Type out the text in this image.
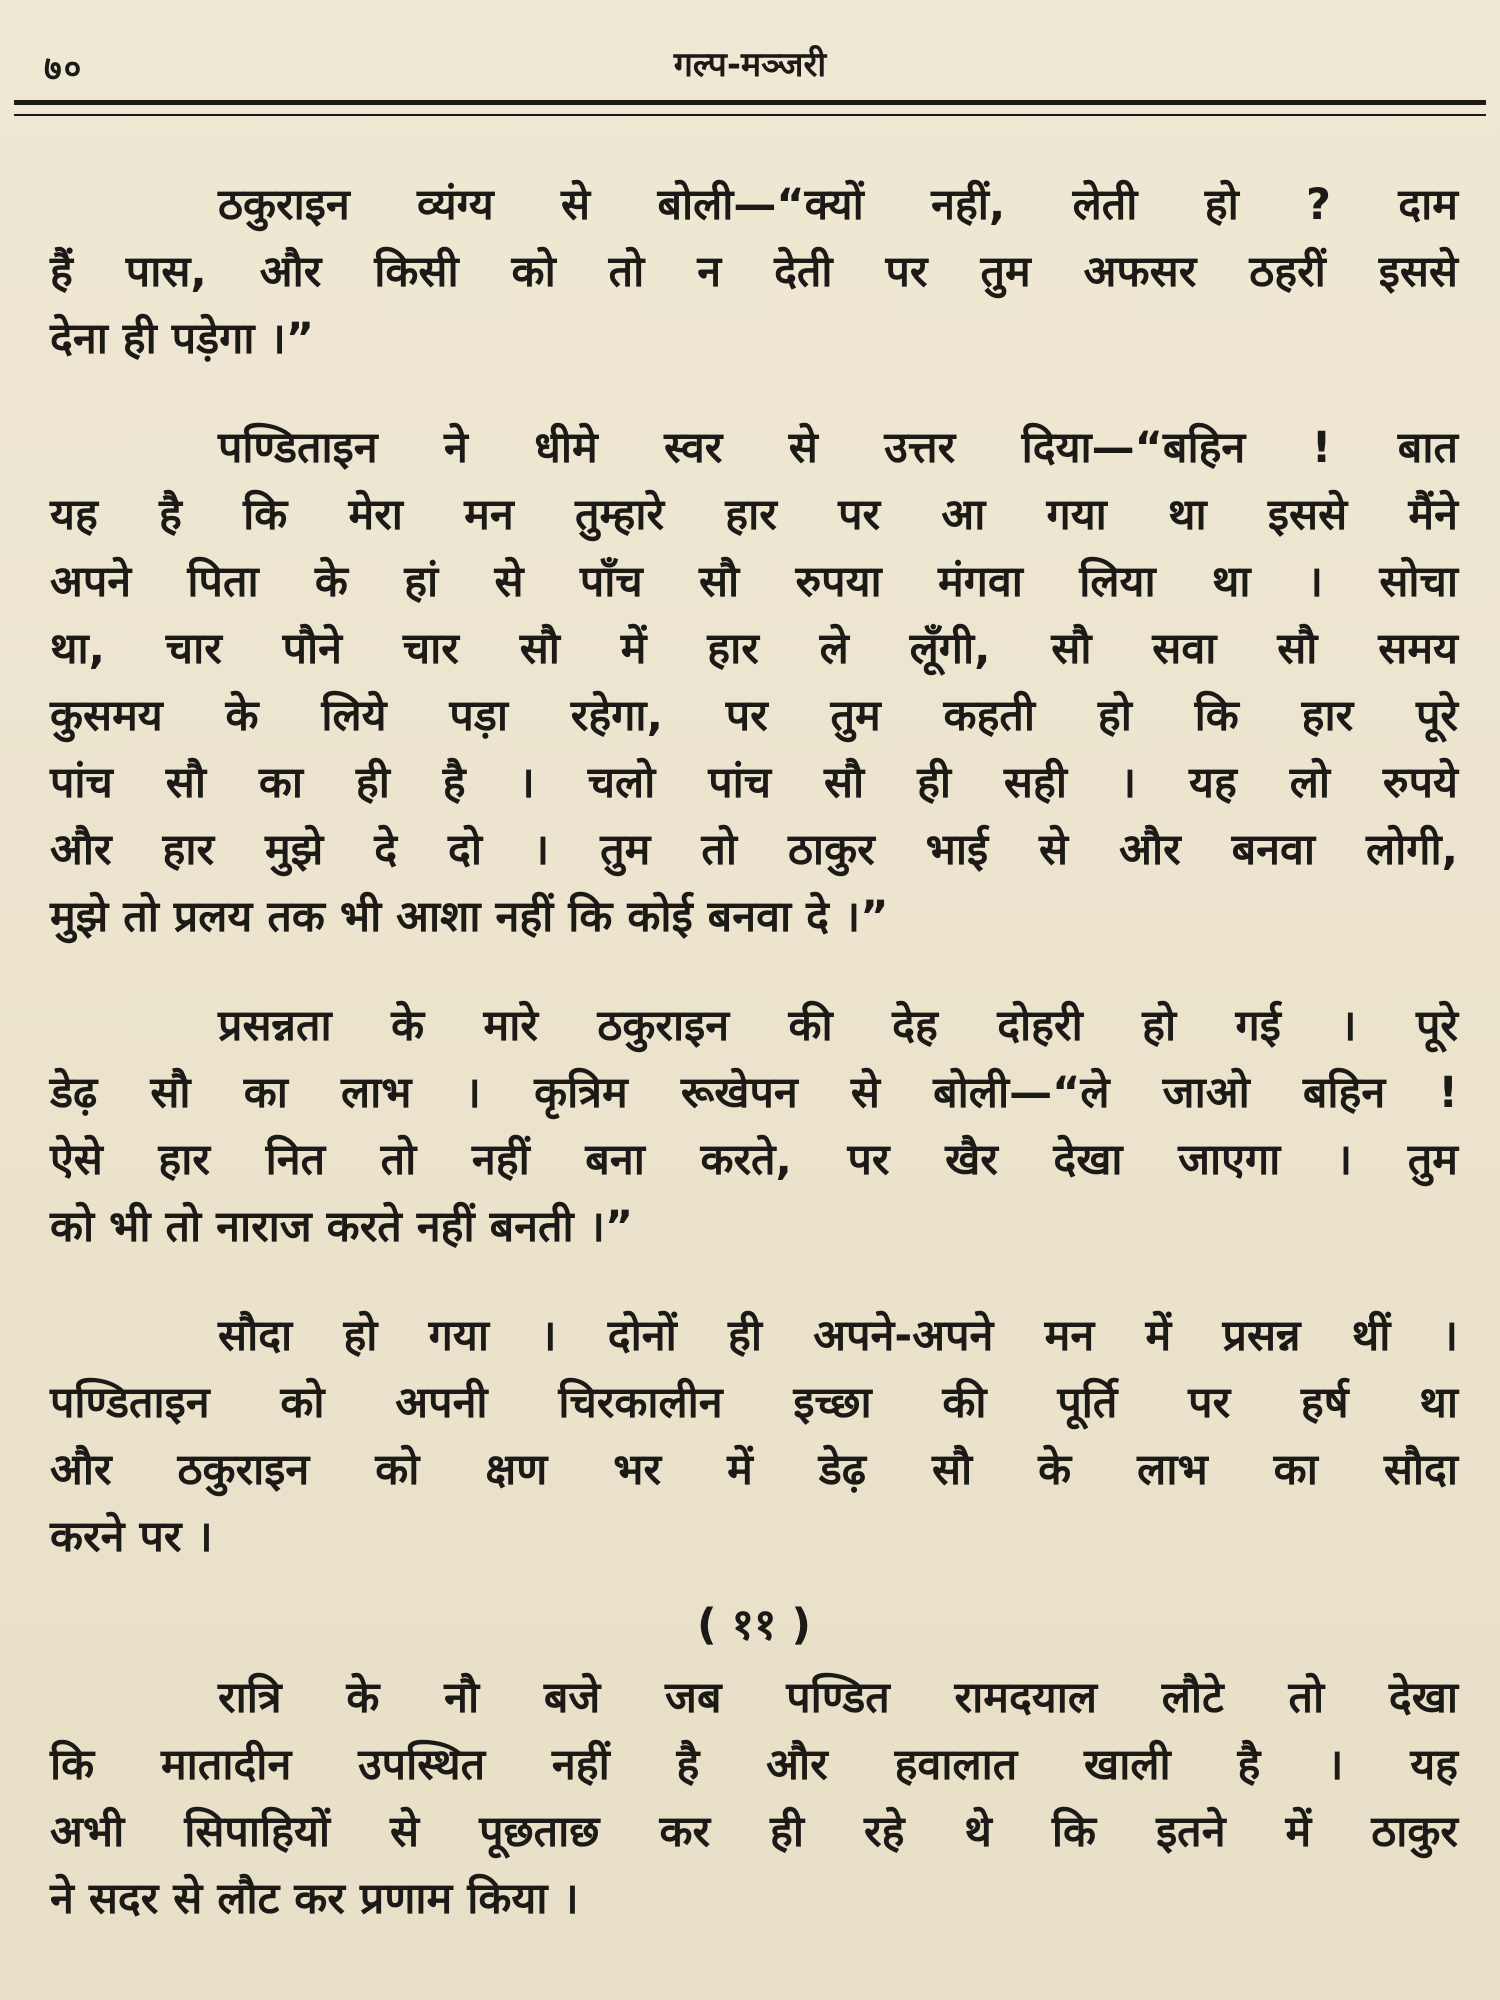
७०	गल्प-मञ्जरी
ठकुराइन व्यंग्य से बोली—“क्यों नहीं, लेती हो ? दाम
हैं पास, और किसी को तो न देती पर तुम अफसर ठहरीं इससे
देना ही पड़ेगा ।”
पण्डिताइन ने धीमे स्वर से उत्तर दिया—“बहिन ! बात
यह है कि मेरा मन तुम्हारे हार पर आ गया था इससे मैंने
अपने पिता के हां से पाँच सौ रुपया मंगवा लिया था । सोचा
था, चार पौने चार सौ में हार ले लूँगी, सौ सवा सौ समय
कुसमय के लिये पड़ा रहेगा, पर तुम कहती हो कि हार पूरे
पांच सौ का ही है । चलो पांच सौ ही सही । यह लो रुपये
और हार मुझे दे दो । तुम तो ठाकुर भाई से और बनवा लोगी,
मुझे तो प्रलय तक भी आशा नहीं कि कोई बनवा दे ।”
प्रसन्नता के मारे ठकुराइन की देह दोहरी हो गई । पूरे
डेढ़ सौ का लाभ । कृत्रिम रूखेपन से बोली—“ले जाओ बहिन !
ऐसे हार नित तो नहीं बना करते, पर खैर देखा जाएगा । तुम
को भी तो नाराज करते नहीं बनती ।”
सौदा हो गया । दोनों ही अपने-अपने मन में प्रसन्न थीं ।
पण्डिताइन को अपनी चिरकालीन इच्छा की पूर्ति पर हर्ष था
और ठकुराइन को क्षण भर में डेढ़ सौ के लाभ का सौदा
करने पर ।
( ११ )
रात्रि के नौ बजे जब पण्डित रामदयाल लौटे तो देखा
कि मातादीन उपस्थित नहीं है और हवालात खाली है । यह
अभी सिपाहियों से पूछताछ कर ही रहे थे कि इतने में ठाकुर
ने सदर से लौट कर प्रणाम किया ।
